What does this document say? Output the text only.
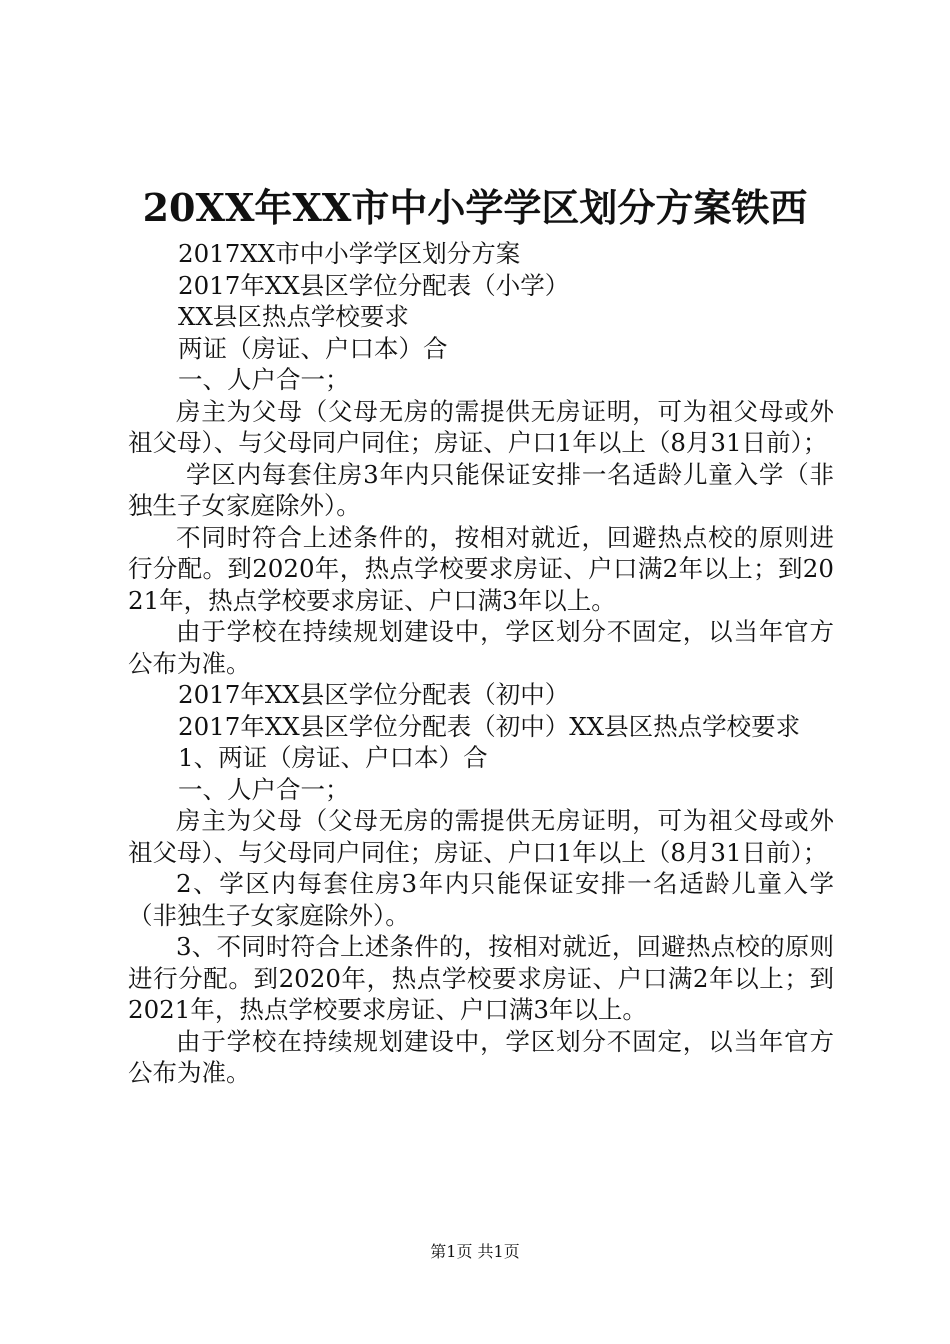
20XX年XX市中小学学区划分方案铁西

2017XX市中小学学区划分方案

2017年XX县区学位分配表（小学）

XX县区热点学校要求

两证（房证、户口本）合

一、人户合一；

房主为父母（父母无房的需提供无房证明，可为祖父母或外祖父母）、与父母同户同住；房证、户口1年以上（8月31日前）；

学区内每套住房3年内只能保证安排一名适龄儿童入学（非独生子女家庭除外）。

不同时符合上述条件的，按相对就近，回避热点校的原则进行分配。到2020年，热点学校要求房证、户口满2年以上；到2021年，热点学校要求房证、户口满3年以上。

由于学校在持续规划建设中，学区划分不固定，以当年官方公布为准。

2017年XX县区学位分配表（初中）

2017年XX县区学位分配表（初中）XX县区热点学校要求

1、两证（房证、户口本）合

一、人户合一；

房主为父母（父母无房的需提供无房证明，可为祖父母或外祖父母）、与父母同户同住；房证、户口1年以上（8月31日前）；

2、学区内每套住房3年内只能保证安排一名适龄儿童入学（非独生子女家庭除外）。

3、不同时符合上述条件的，按相对就近，回避热点校的原则进行分配。到2020年，热点学校要求房证、户口满2年以上；到2021年，热点学校要求房证、户口满3年以上。

由于学校在持续规划建设中，学区划分不固定，以当年官方公布为准。

第1页 共1页
